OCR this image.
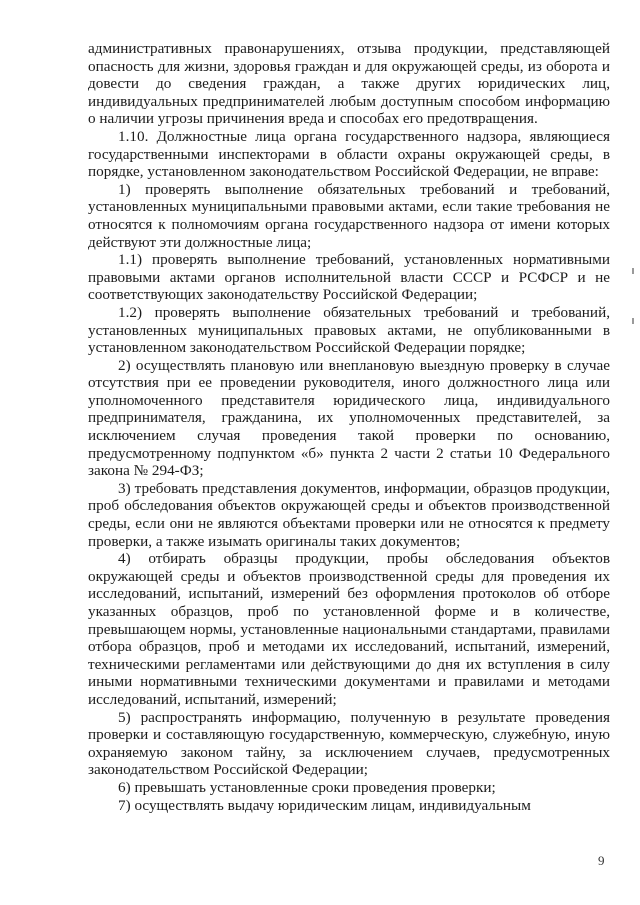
административных правонарушениях, отзыва продукции, представляющей опасность для жизни, здоровья граждан и для окружающей среды, из оборота и довести до сведения граждан, а также других юридических лиц, индивидуальных предпринимателей любым доступным способом информацию о наличии угрозы причинения вреда и способах его предотвращения.

1.10. Должностные лица органа государственного надзора, являющиеся государственными инспекторами в области охраны окружающей среды, в порядке, установленном законодательством Российской Федерации, не вправе:

1) проверять выполнение обязательных требований и требований, установленных муниципальными правовыми актами, если такие требования не относятся к полномочиям органа государственного надзора от имени которых действуют эти должностные лица;

1.1) проверять выполнение требований, установленных нормативными правовыми актами органов исполнительной власти СССР и РСФСР и не соответствующих законодательству Российской Федерации;

1.2) проверять выполнение обязательных требований и требований, установленных муниципальных правовых актами, не опубликованными в установленном законодательством Российской Федерации порядке;

2) осуществлять плановую или внеплановую выездную проверку в случае отсутствия при ее проведении руководителя, иного должностного лица или уполномоченного представителя юридического лица, индивидуального предпринимателя, гражданина, их уполномоченных представителей, за исключением случая проведения такой проверки по основанию, предусмотренному подпунктом «б» пункта 2 части 2 статьи 10 Федерального закона № 294-ФЗ;

3) требовать представления документов, информации, образцов продукции, проб обследования объектов окружающей среды и объектов производственной среды, если они не являются объектами проверки или не относятся к предмету проверки, а также изымать оригиналы таких документов;

4) отбирать образцы продукции, пробы обследования объектов окружающей среды и объектов производственной среды для проведения их исследований, испытаний, измерений без оформления протоколов об отборе указанных образцов, проб по установленной форме и в количестве, превышающем нормы, установленные национальными стандартами, правилами отбора образцов, проб и методами их исследований, испытаний, измерений, техническими регламентами или действующими до дня их вступления в силу иными нормативными техническими документами и правилами и методами исследований, испытаний, измерений;

5) распространять информацию, полученную в результате проведения проверки и составляющую государственную, коммерческую, служебную, иную охраняемую законом тайну, за исключением случаев, предусмотренных законодательством Российской Федерации;

6) превышать установленные сроки проведения проверки;

7) осуществлять выдачу юридическим лицам, индивидуальным

9
